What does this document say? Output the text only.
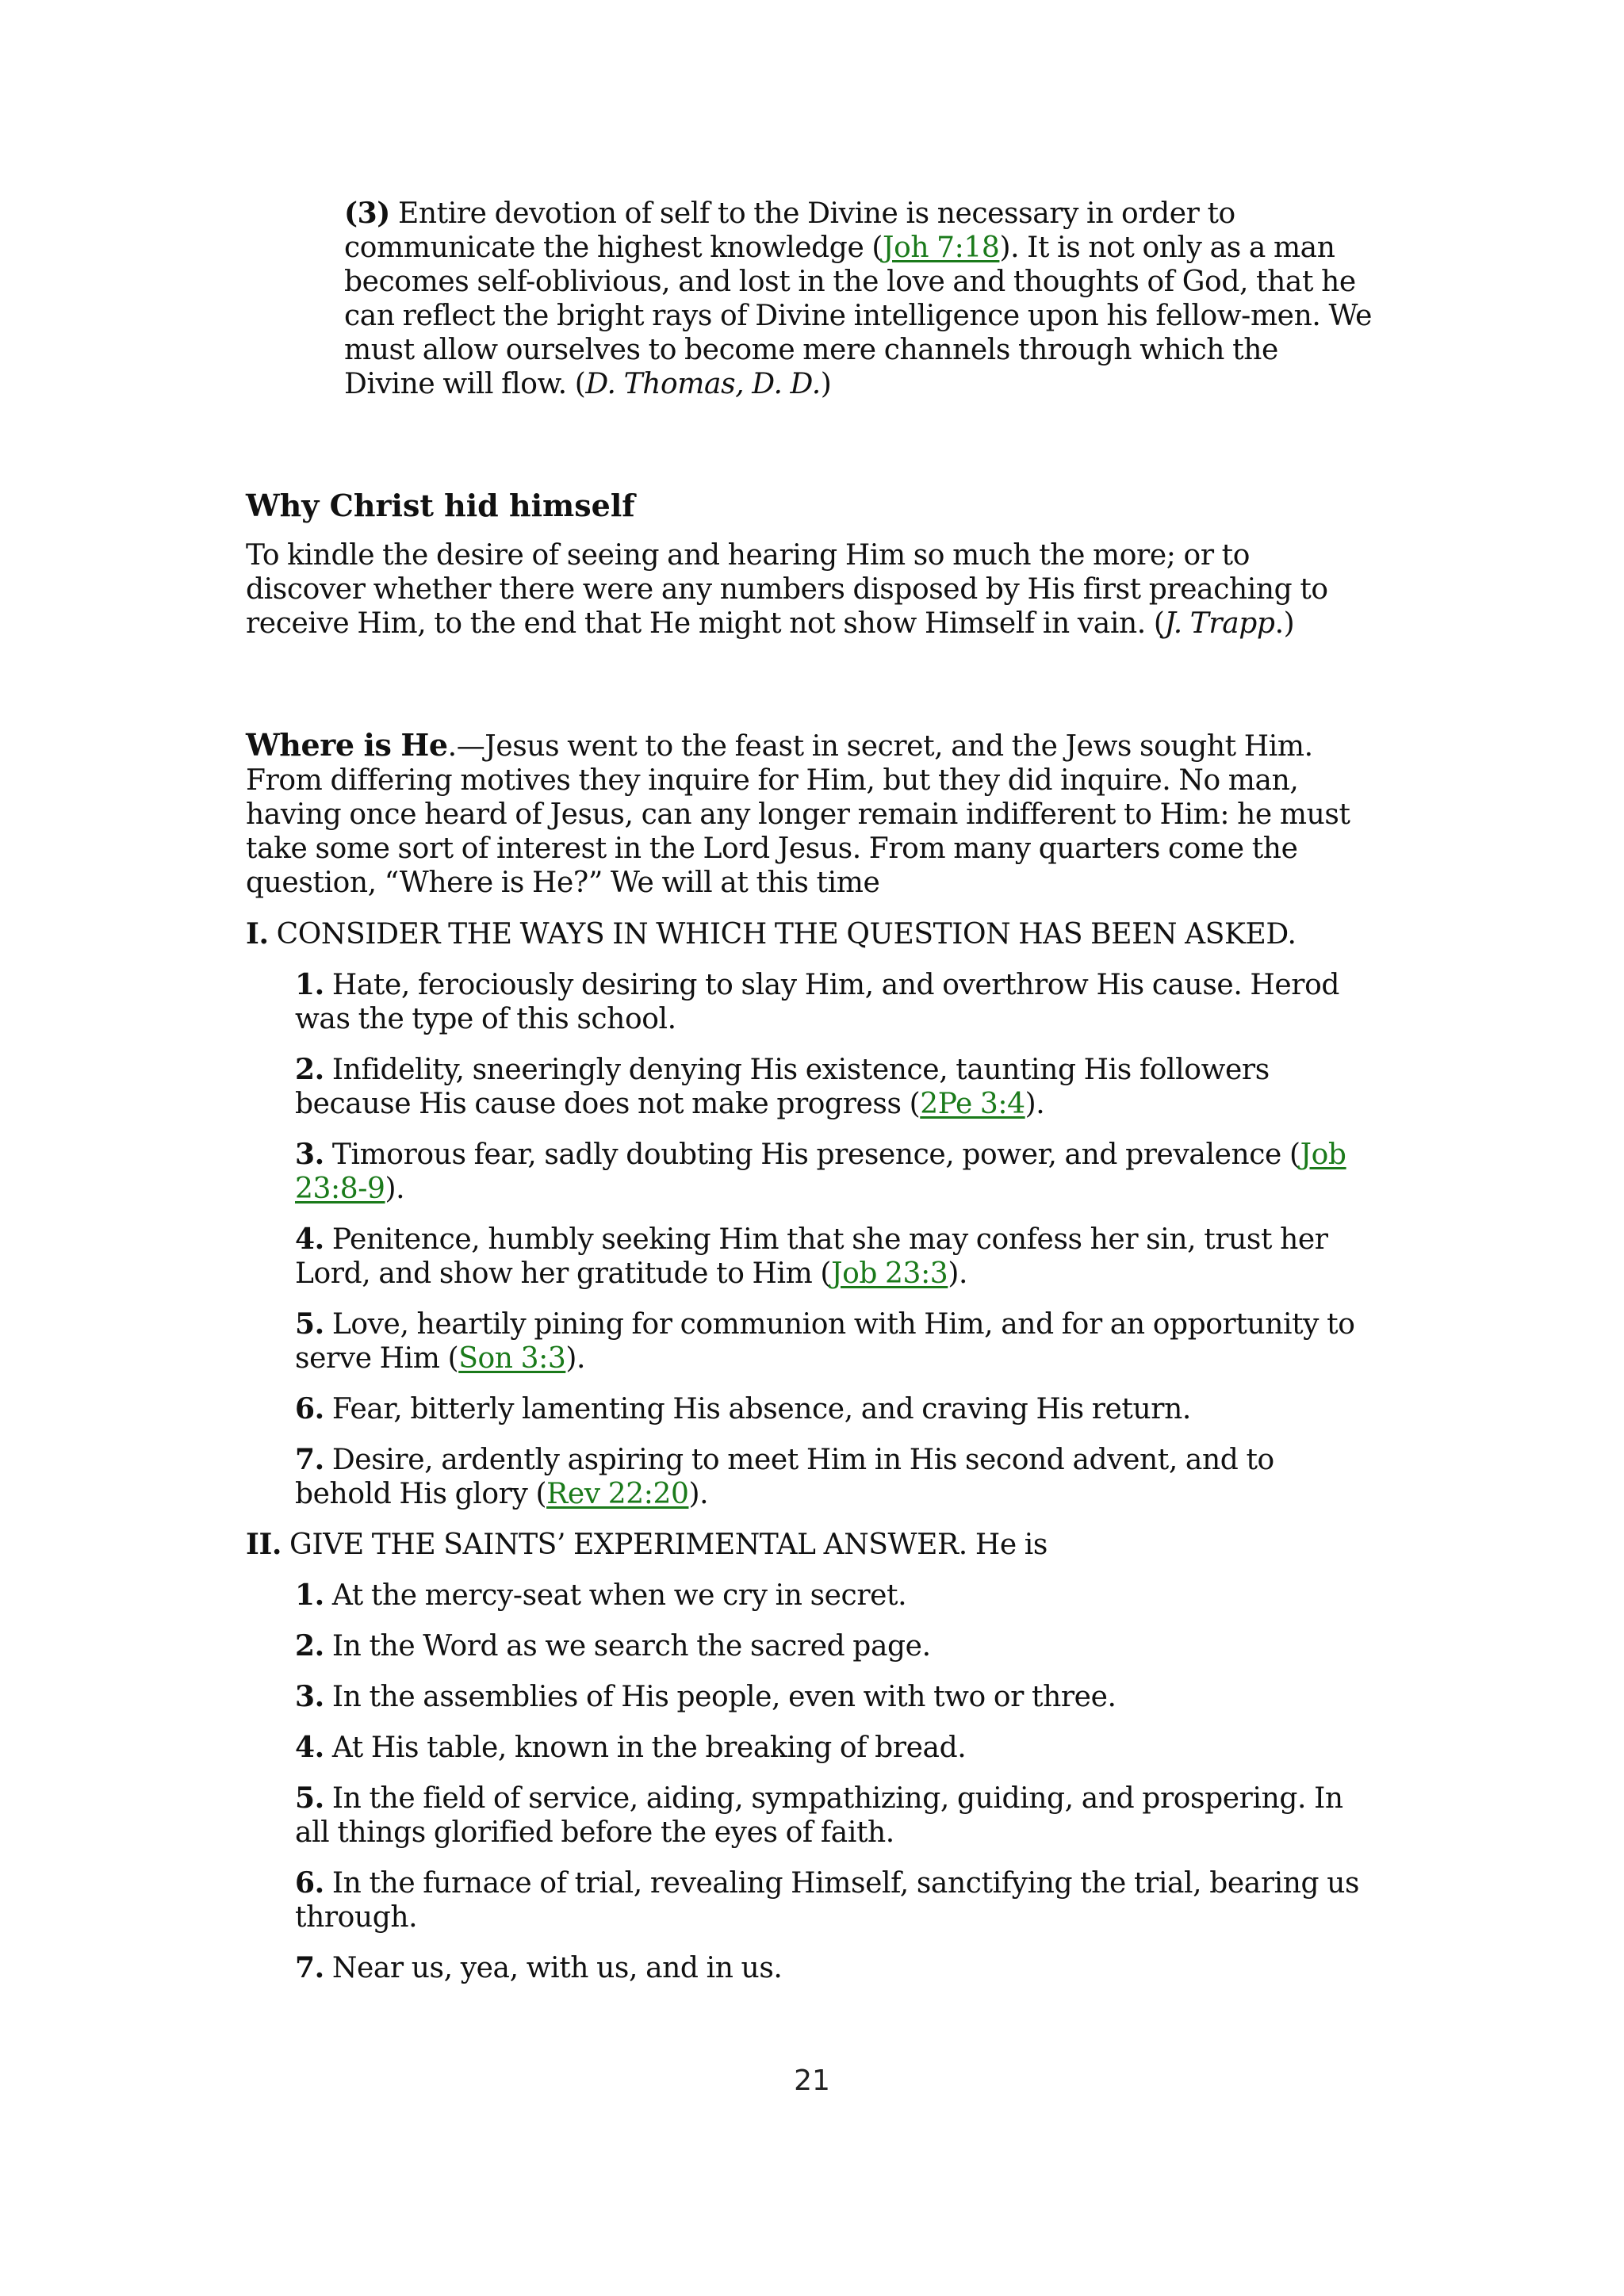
(3) Entire devotion of self to the Divine is necessary in order to communicate the highest knowledge (Joh 7:18). It is not only as a man becomes self-oblivious, and lost in the love and thoughts of God, that he can reflect the bright rays of Divine intelligence upon his fellow-men. We must allow ourselves to become mere channels through which the Divine will flow. (D. Thomas, D. D.)

Why Christ hid himself

To kindle the desire of seeing and hearing Him so much the more; or to discover whether there were any numbers disposed by His first preaching to receive Him, to the end that He might not show Himself in vain. (J. Trapp.)

Where is He.—Jesus went to the feast in secret, and the Jews sought Him. From differing motives they inquire for Him, but they did inquire. No man, having once heard of Jesus, can any longer remain indifferent to Him: he must take some sort of interest in the Lord Jesus. From many quarters come the question, “Where is He?” We will at this time

I. CONSIDER THE WAYS IN WHICH THE QUESTION HAS BEEN ASKED.

1. Hate, ferociously desiring to slay Him, and overthrow His cause. Herod was the type of this school.

2. Infidelity, sneeringly denying His existence, taunting His followers because His cause does not make progress (2Pe 3:4).

3. Timorous fear, sadly doubting His presence, power, and prevalence (Job 23:8-9).

4. Penitence, humbly seeking Him that she may confess her sin, trust her Lord, and show her gratitude to Him (Job 23:3).

5. Love, heartily pining for communion with Him, and for an opportunity to serve Him (Son 3:3).

6. Fear, bitterly lamenting His absence, and craving His return.

7. Desire, ardently aspiring to meet Him in His second advent, and to behold His glory (Rev 22:20).

II. GIVE THE SAINTS’ EXPERIMENTAL ANSWER. He is

1. At the mercy-seat when we cry in secret.

2. In the Word as we search the sacred page.

3. In the assemblies of His people, even with two or three.

4. At His table, known in the breaking of bread.

5. In the field of service, aiding, sympathizing, guiding, and prospering. In all things glorified before the eyes of faith.

6. In the furnace of trial, revealing Himself, sanctifying the trial, bearing us through.

7. Near us, yea, with us, and in us.

21
